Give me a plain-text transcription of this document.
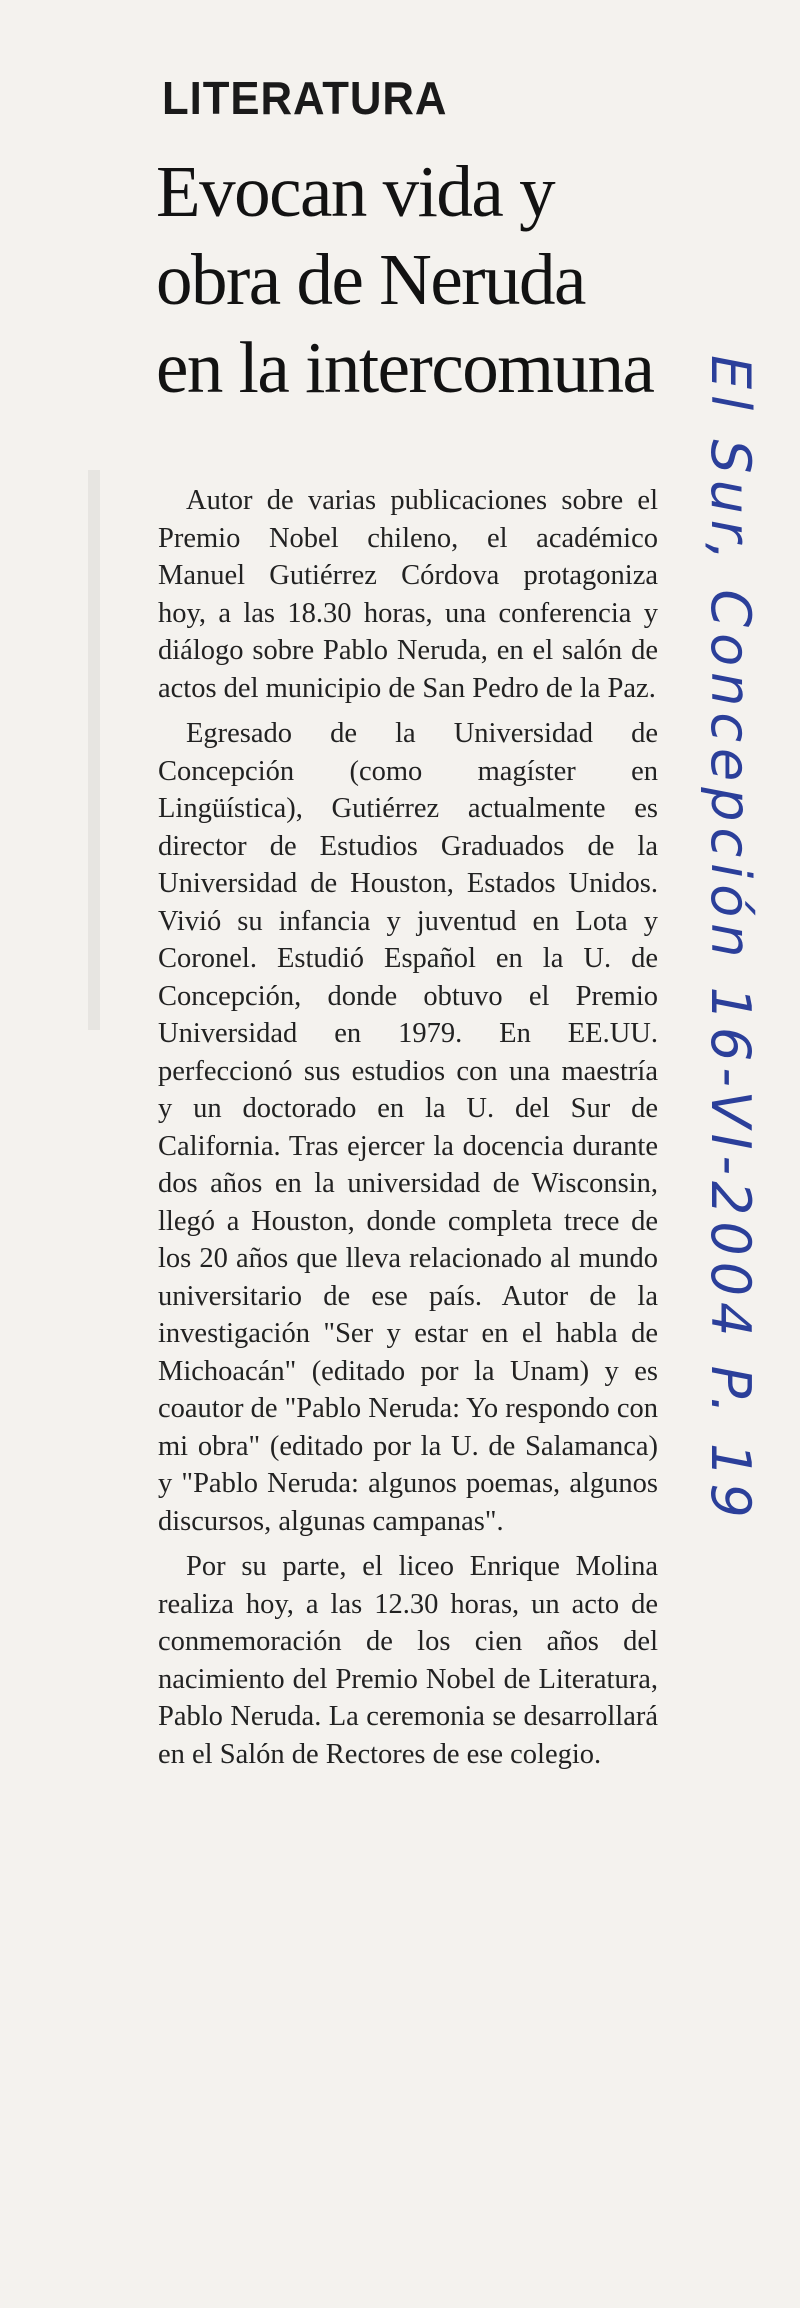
LITERATURA
Evocan vida y
obra de Neruda
en la intercomuna

Autor de varias publicaciones sobre el Premio Nobel chileno, el académico Manuel Gutiérrez Córdova protagoniza hoy, a las 18.30 horas, una conferencia y diálogo sobre Pablo Neruda, en el salón de actos del municipio de San Pedro de la Paz.

Egresado de la Universidad de Concepción (como magíster en Lingüística), Gutiérrez actualmente es director de Estudios Graduados de la Universidad de Houston, Estados Unidos. Vivió su infancia y juventud en Lota y Coronel. Estudió Español en la U. de Concepción, donde obtuvo el Premio Universidad en 1979. En EE.UU. perfeccionó sus estudios con una maestría y un doctorado en la U. del Sur de California. Tras ejercer la docencia durante dos años en la universidad de Wisconsin, llegó a Houston, donde completa trece de los 20 años que lleva relacionado al mundo universitario de ese país. Autor de la investigación "Ser y estar en el habla de Michoacán" (editado por la Unam) y es coautor de "Pablo Neruda: Yo respondo con mi obra" (editado por la U. de Salamanca) y "Pablo Neruda: algunos poemas, algunos discursos, algunas campanas".

Por su parte, el liceo Enrique Molina realiza hoy, a las 12.30 horas, un acto de conmemoración de los cien años del nacimiento del Premio Nobel de Literatura, Pablo Neruda. La ceremonia se desarrollará en el Salón de Rectores de ese colegio.

El Sur, Concepción 16-VI-2004 P. 19
